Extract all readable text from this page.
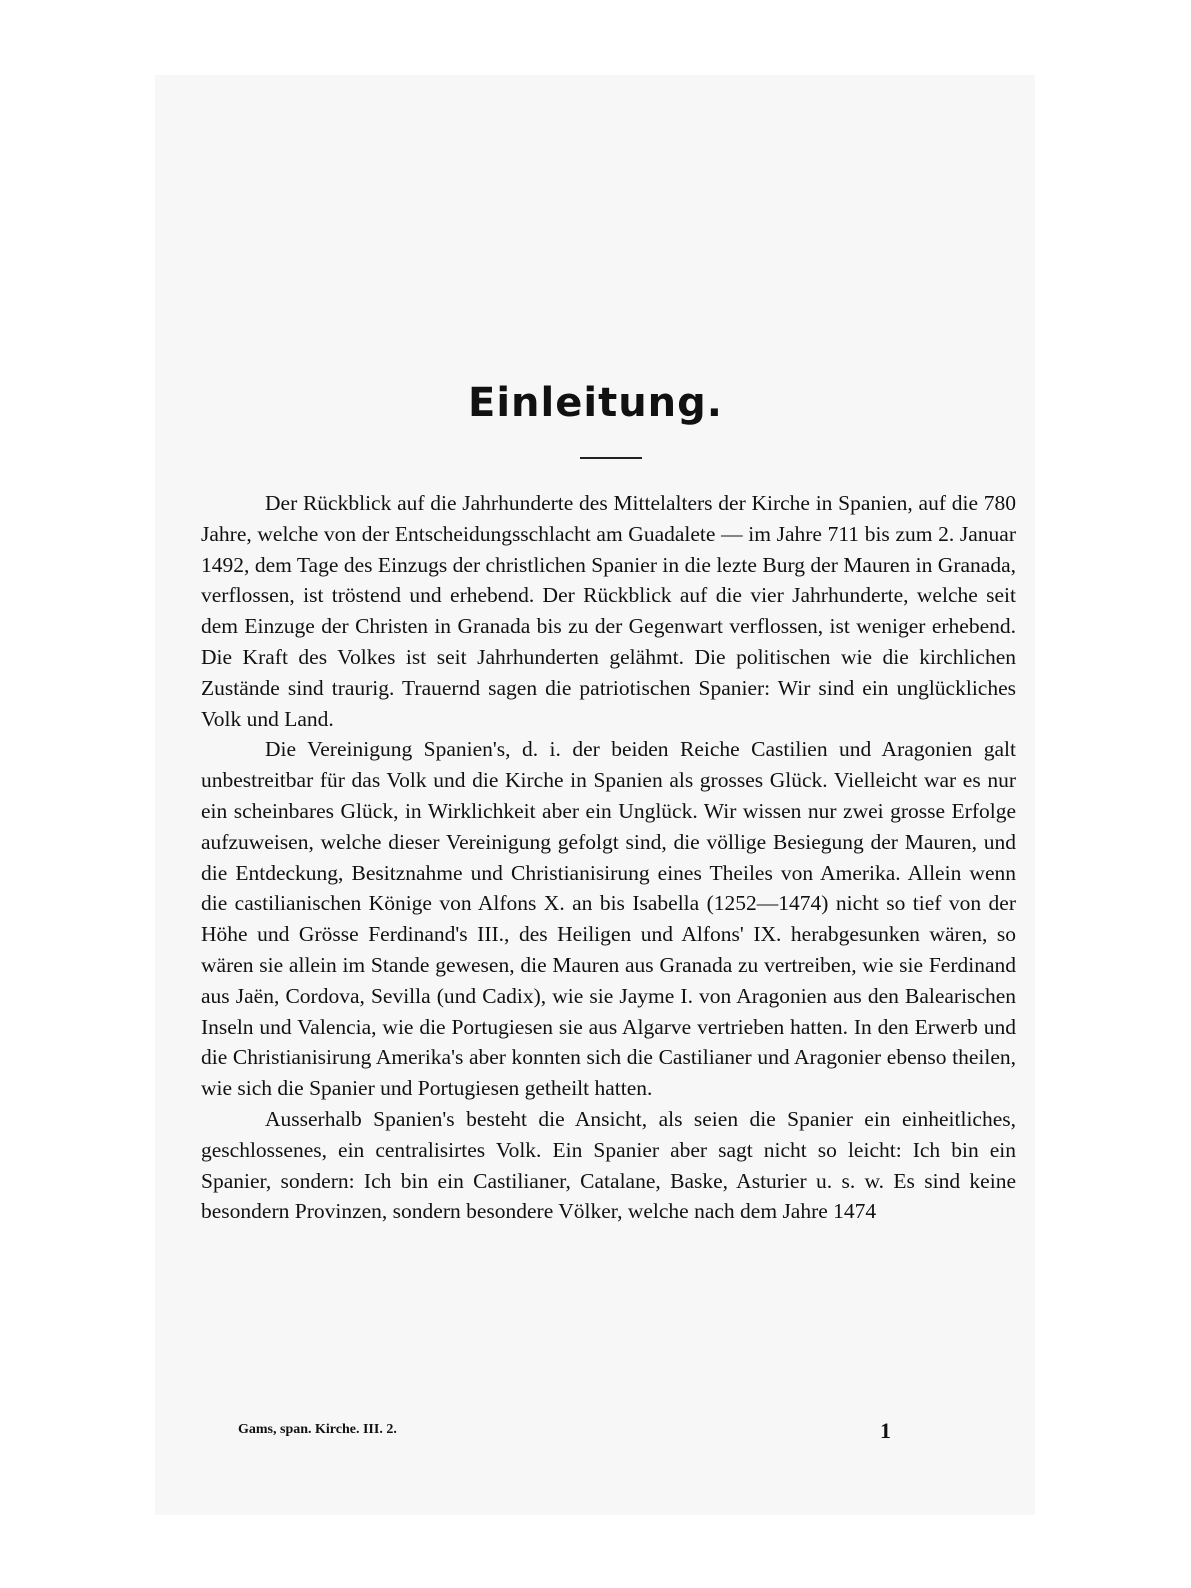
Einleitung.

Der Rückblick auf die Jahrhunderte des Mittelalters der Kirche in Spanien, auf die 780 Jahre, welche von der Entscheidungsschlacht am Guadalete — im Jahre 711 bis zum 2. Januar 1492, dem Tage des Einzugs der christlichen Spanier in die lezte Burg der Mauren in Granada, verflossen, ist tröstend und erhebend. Der Rückblick auf die vier Jahrhunderte, welche seit dem Einzuge der Christen in Granada bis zu der Gegenwart verflossen, ist weniger erhebend. Die Kraft des Volkes ist seit Jahrhunderten gelähmt. Die politischen wie die kirchlichen Zustände sind traurig. Trauernd sagen die patriotischen Spanier: Wir sind ein unglückliches Volk und Land.

Die Vereinigung Spanien's, d. i. der beiden Reiche Castilien und Aragonien galt unbestreitbar für das Volk und die Kirche in Spanien als grosses Glück. Vielleicht war es nur ein scheinbares Glück, in Wirklichkeit aber ein Unglück. Wir wissen nur zwei grosse Erfolge aufzuweisen, welche dieser Vereinigung gefolgt sind, die völlige Besiegung der Mauren, und die Entdeckung, Besitznahme und Christianisirung eines Theiles von Amerika. Allein wenn die castilianischen Könige von Alfons X. an bis Isabella (1252—1474) nicht so tief von der Höhe und Grösse Ferdinand's III., des Heiligen und Alfons' IX. herabgesunken wären, so wären sie allein im Stande gewesen, die Mauren aus Granada zu vertreiben, wie sie Ferdinand aus Jaën, Cordova, Sevilla (und Cadix), wie sie Jayme I. von Aragonien aus den Balearischen Inseln und Valencia, wie die Portugiesen sie aus Algarve vertrieben hatten. In den Erwerb und die Christianisirung Amerika's aber konnten sich die Castilianer und Aragonier ebenso theilen, wie sich die Spanier und Portugiesen getheilt hatten.

Ausserhalb Spanien's besteht die Ansicht, als seien die Spanier ein einheitliches, geschlossenes, ein centralisirtes Volk. Ein Spanier aber sagt nicht so leicht: Ich bin ein Spanier, sondern: Ich bin ein Castilianer, Catalane, Baske, Asturier u. s. w. Es sind keine besondern Provinzen, sondern besondere Völker, welche nach dem Jahre 1474

Gams, span. Kirche. III. 2.	1
